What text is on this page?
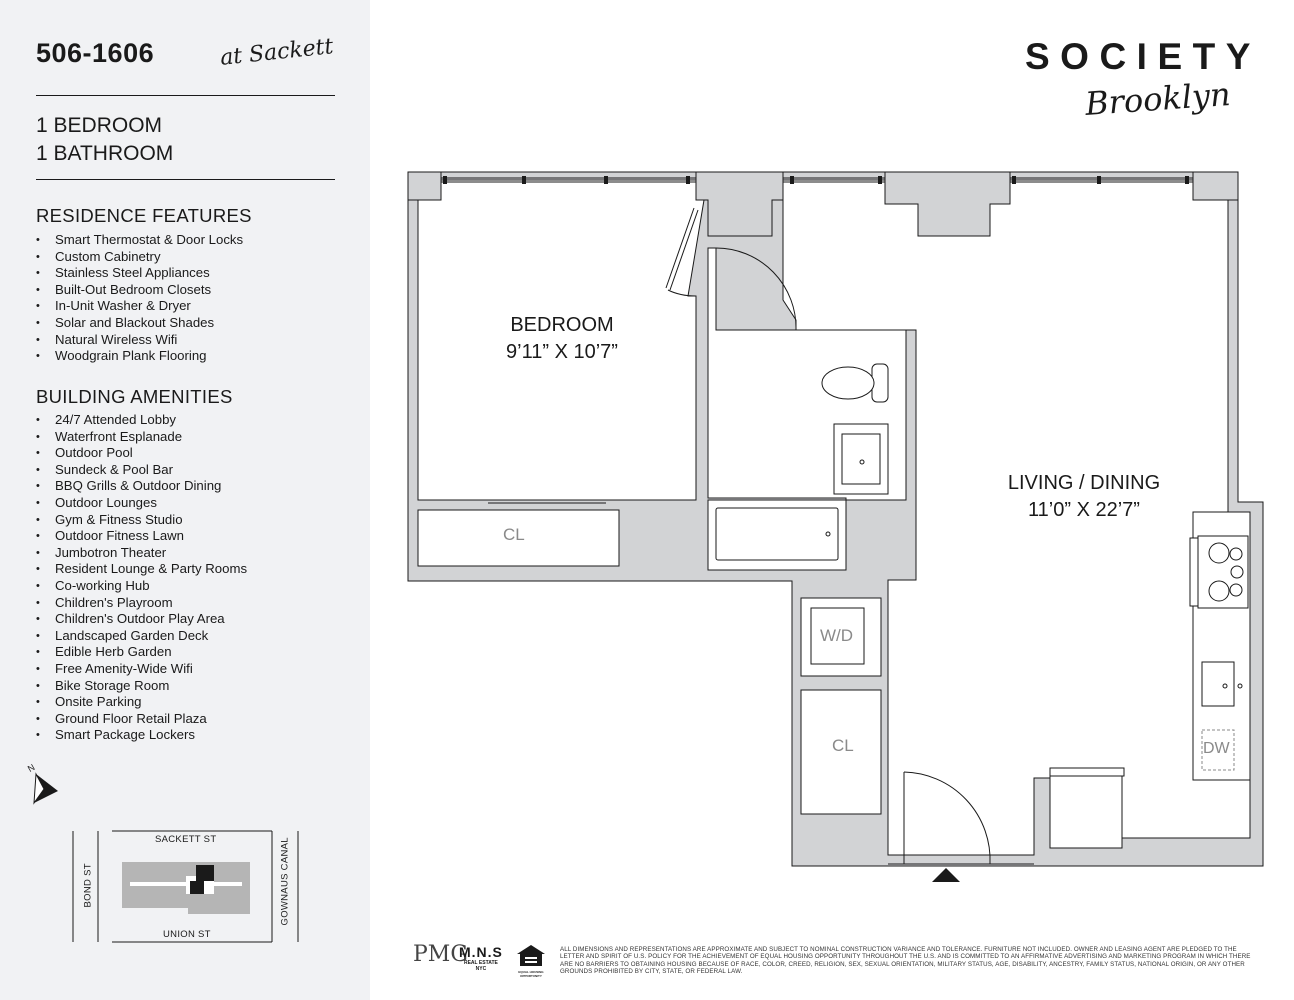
506-1606	at Sackett
1 BEDROOM
1 BATHROOM
RESIDENCE FEATURES
• Smart Thermostat & Door Locks
• Custom Cabinetry
• Stainless Steel Appliances
• Built-Out Bedroom Closets
• In-Unit Washer & Dryer
• Solar and Blackout Shades
• Natural Wireless Wifi
• Woodgrain Plank Flooring
BUILDING AMENITIES
• 24/7 Attended Lobby
• Waterfront Esplanade
• Outdoor Pool
• Sundeck & Pool Bar
• BBQ Grills & Outdoor Dining
• Outdoor Lounges
• Gym & Fitness Studio
• Outdoor Fitness Lawn
• Jumbotron Theater
• Resident Lounge & Party Rooms
• Co-working Hub
• Children's Playroom
• Children's Outdoor Play Area
• Landscaped Garden Deck
• Edible Herb Garden
• Free Amenity-Wide Wifi
• Bike Storage Room
• Onsite Parking
• Ground Floor Retail Plaza
• Smart Package Lockers
N
SACKETT ST
UNION ST
BOND ST	GOWNAUS CANAL
SOCIETY
Brooklyn
BEDROOM
9’11” X 10’7”
LIVING / DINING
11’0” X 22’7”
CL
W/D
CL	DW
PMG
M.N.S
REAL ESTATE
NYC	EQUAL HOUSING OPPORTUNITY
ALL DIMENSIONS AND REPRESENTATIONS ARE APPROXIMATE AND SUBJECT TO NOMINAL CONSTRUCTION VARIANCE AND TOLERANCE. FURNITURE NOT INCLUDED. OWNER AND LEASING AGENT ARE PLEDGED TO THE LETTER AND SPIRIT OF U.S. POLICY FOR THE ACHIEVEMENT OF EQUAL HOUSING OPPORTUNITY THROUGHOUT THE U.S. AND IS COMMITTED TO AN AFFIRMATIVE ADVERTISING AND MARKETING PROGRAM IN WHICH THERE ARE NO BARRIERS TO OBTAINING HOUSING BECAUSE OF RACE, COLOR, CREED, RELIGION, SEX, SEXUAL ORIENTATION, MILITARY STATUS, AGE, DISABILITY, ANCESTRY, FAMILY STATUS, NATIONAL ORIGIN, OR ANY OTHER GROUNDS PROHIBITED BY CITY, STATE, OR FEDERAL LAW.
